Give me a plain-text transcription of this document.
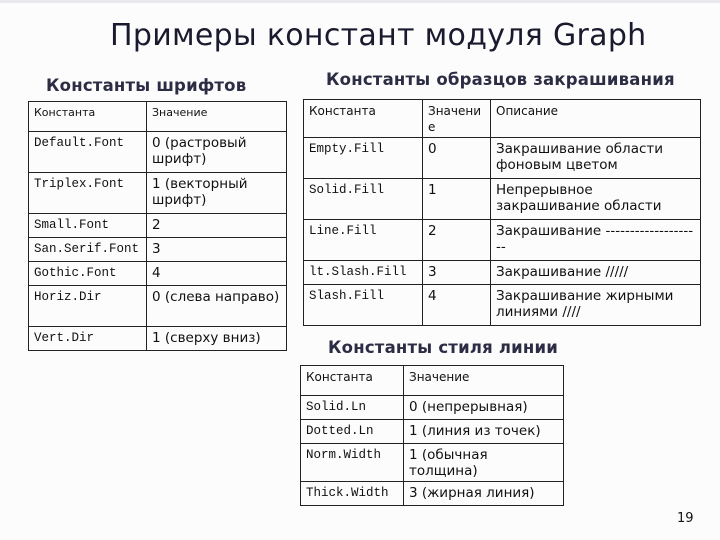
Примеры констант модуля Graph
Константы шрифтов	Константы образцов закрашивания
Константы стиля линии
Константа	Значение
Default.Font	0 (растровый шрифт)
Triplex.Font	1 (векторный шрифт)
Small.Font	2
San.Serif.Font	3
Gothic.Font	4
Horiz.Dir	0 (слева направо)
Vert.Dir	1 (сверху вниз)
Константа	Значени е	Описание
Empty.Fill	0	Закрашивание области фоновым цветом
Solid.Fill	1	Непрерывное закрашивание области
Line.Fill	2	Закрашивание --------------------
lt.Slash.Fill	3	Закрашивание /////
Slash.Fill	4	Закрашивание жирными линиями ////
Константа	Значение
Solid.Ln	0 (непрерывная)
Dotted.Ln	1 (линия из точек)
Norm.Width	1 (обычная толщина)
Thick.Width	3 (жирная линия)
19
